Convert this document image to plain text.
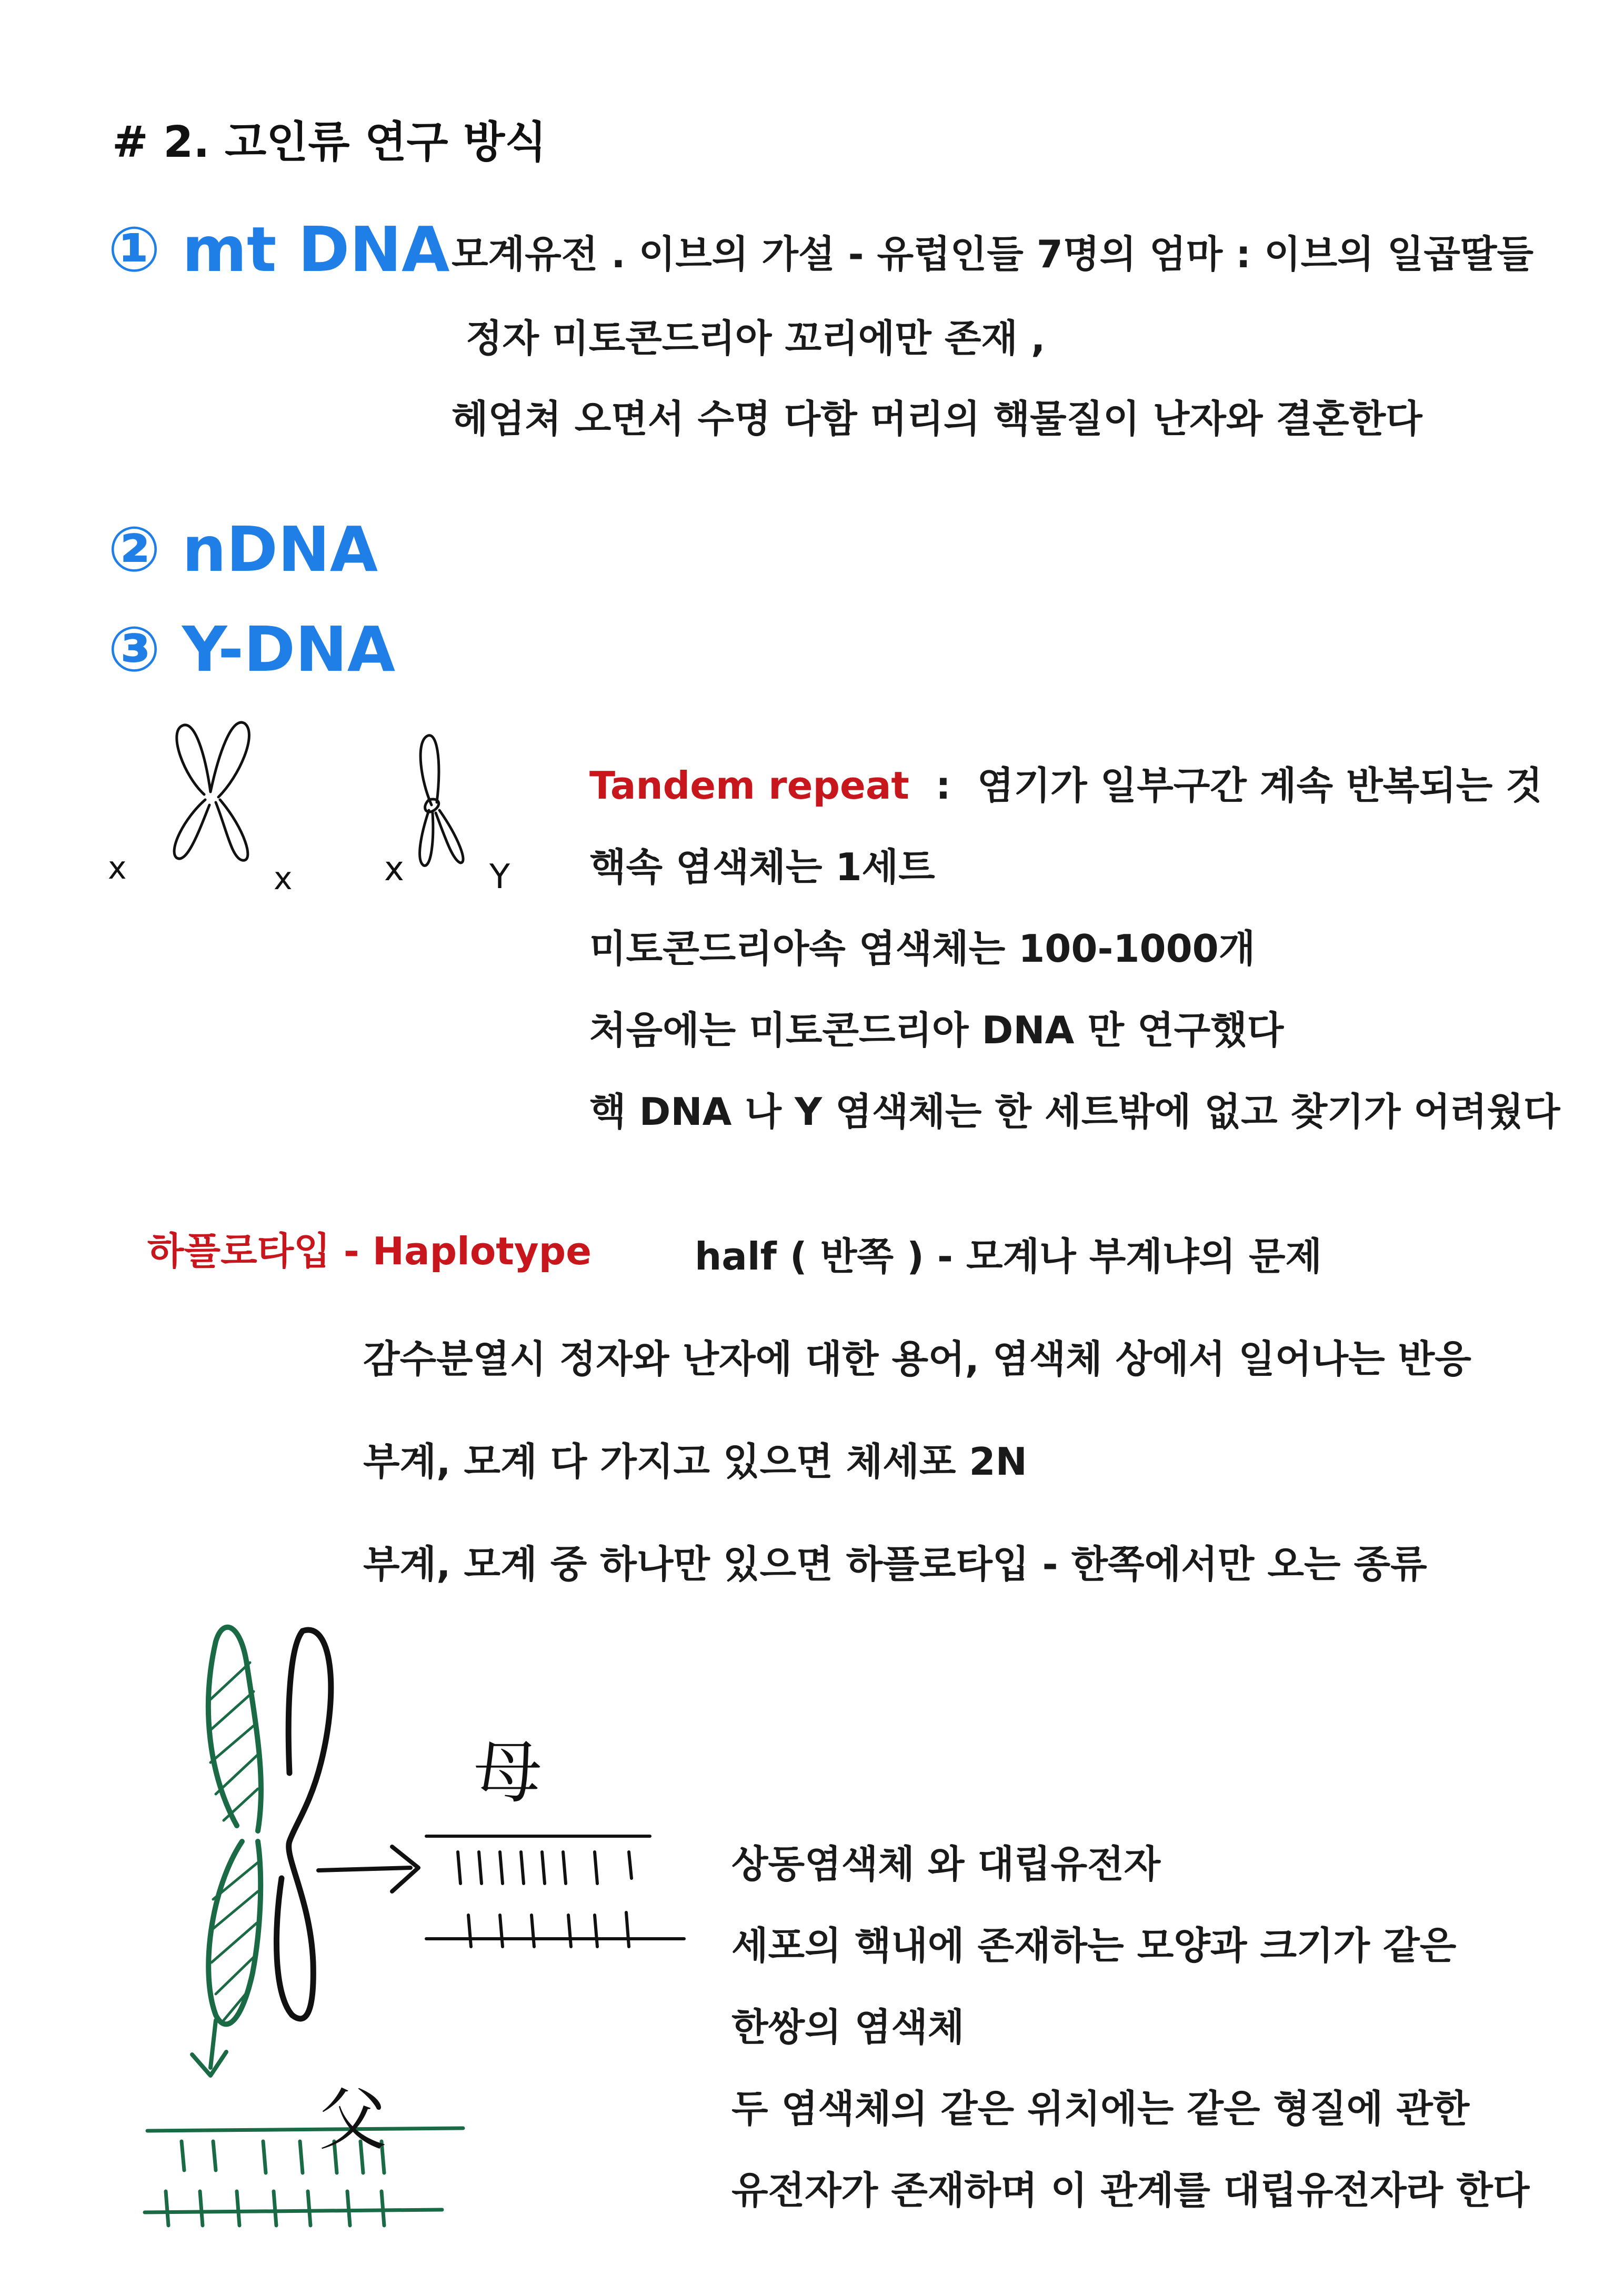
# 2. 고인류 연구 방식
① mt DNA 모계유전 . 이브의 가설 - 유럽인들 7명의 엄마 : 이브의 일곱딸들
정자 미토콘드리아 꼬리에만 존재 ,
헤엄쳐 오면서 수명 다함 머리의 핵물질이 난자와 결혼한다
② nDNA
③ Y-DNA
x	x	x	Y
Tandem repeat  :  염기가 일부구간 계속 반복되는 것
핵속 염색체는 1세트
미토콘드리아속 염색체는 100-1000개
처음에는 미토콘드리아 DNA 만 연구했다
핵 DNA 나 Y 염색체는 한 세트밖에 없고 찾기가 어려웠다
하플로타입 - Haplotype	half ( 반쪽 ) - 모계나 부계냐의 문제
감수분열시 정자와 난자에 대한 용어, 염색체 상에서 일어나는 반응
부계, 모계 다 가지고 있으면 체세포 2N
부계, 모계 중 하나만 있으면 하플로타입 - 한쪽에서만 오는 종류
母
父
상동염색체 와 대립유전자
세포의 핵내에 존재하는 모양과 크기가 같은
한쌍의 염색체
두 염색체의 같은 위치에는 같은 형질에 관한
유전자가 존재하며 이 관계를 대립유전자라 한다
